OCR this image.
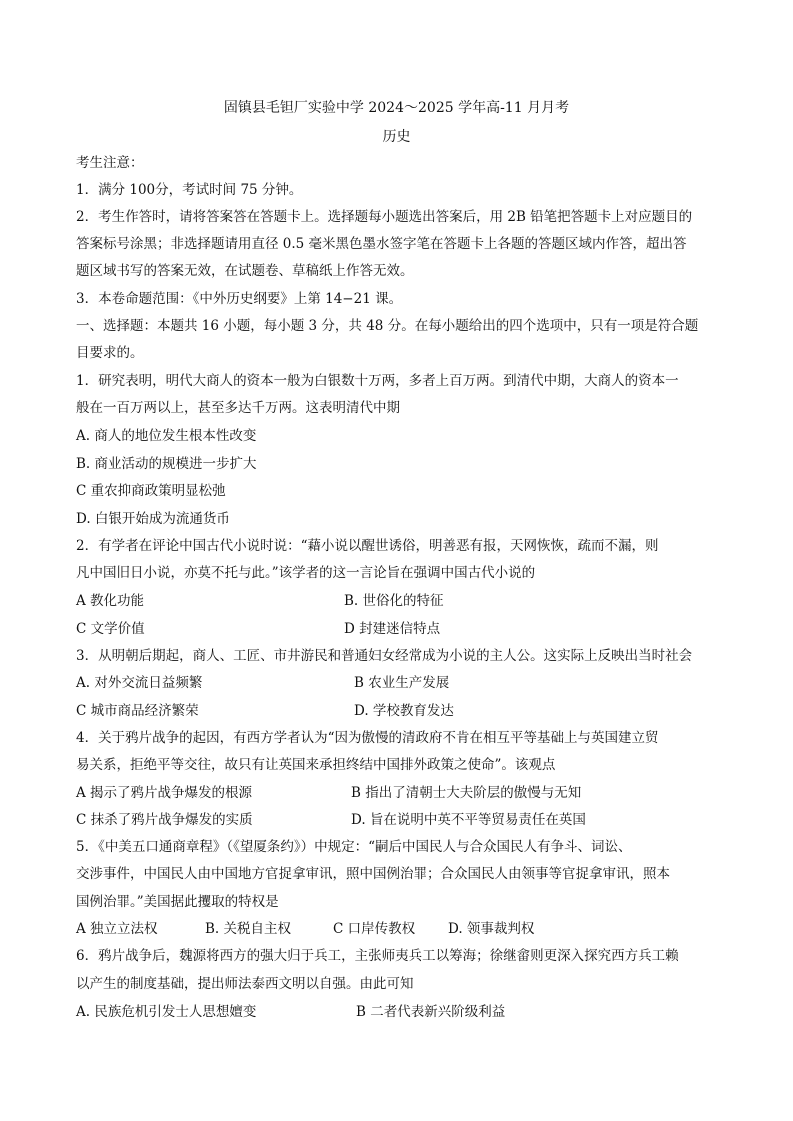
固镇县毛钽厂实验中学 2024～2025 学年高-11 月月考
历史
考生注意：
1．满分 100分，考试时间 75 分钟。
2．考生作答时，请将答案答在答题卡上。选择题每小题选出答案后，用 2B 铅笔把答题卡上对应题目的
答案标号涂黑；非选择题请用直径 0.5 毫米黑色墨水签字笔在答题卡上各题的答题区域内作答，超出答
题区域书写的答案无效，在试题卷、草稿纸上作答无效。
3．本卷命题范围：《中外历史纲要》上第 14−21 课。
一、选择题：本题共 16 小题，每小题 3 分，共 48 分。在每小题给出的四个选项中，只有一项是符合题
目要求的。
1．研究表明，明代大商人的资本一般为白银数十万两，多者上百万两。到清代中期，大商人的资本一
般在一百万两以上，甚至多达千万两。这表明清代中期
A. 商人的地位发生根本性改变
B. 商业活动的规模进一步扩大
C 重农抑商政策明显松弛
D. 白银开始成为流通货币
2．有学者在评论中国古代小说时说：“藉小说以醒世诱俗，明善恶有报，天网恢恢，疏而不漏，则
凡中国旧日小说，亦莫不托与此。”该学者的这一言论旨在强调中国古代小说的
A 教化功能	B. 世俗化的特征
C 文学价值	D 封建迷信特点
3．从明朝后期起，商人、工匠、市井游民和普通妇女经常成为小说的主人公。这实际上反映出当时社会
A. 对外交流日益频繁	B 农业生产发展
C 城市商品经济繁荣	D. 学校教育发达
4．关于鸦片战争的起因，有西方学者认为“因为傲慢的清政府不肯在相互平等基础上与英国建立贸
易关系，拒绝平等交往，故只有让英国来承担终结中国排外政策之使命”。该观点
A 揭示了鸦片战争爆发的根源	B 指出了清朝士大夫阶层的傲慢与无知
C 抹杀了鸦片战争爆发的实质	D. 旨在说明中英不平等贸易责任在英国
5．《中美五口通商章程》（《望厦条约》）中规定：“嗣后中国民人与合众国民人有争斗、词讼、
交涉事件，中国民人由中国地方官捉拿审讯，照中国例治罪；合众国民人由领事等官捉拿审讯，照本
国例治罪。”美国据此攫取的特权是
A 独立立法权	B. 关税自主权	C 口岸传教权 D. 领事裁判权
6．鸦片战争后，魏源将西方的强大归于兵工，主张师夷兵工以筹海；徐继畲则更深入探究西方兵工赖
以产生的制度基础，提出师法泰西文明以自强。由此可知
A. 民族危机引发士人思想嬗变	B 二者代表新兴阶级利益
